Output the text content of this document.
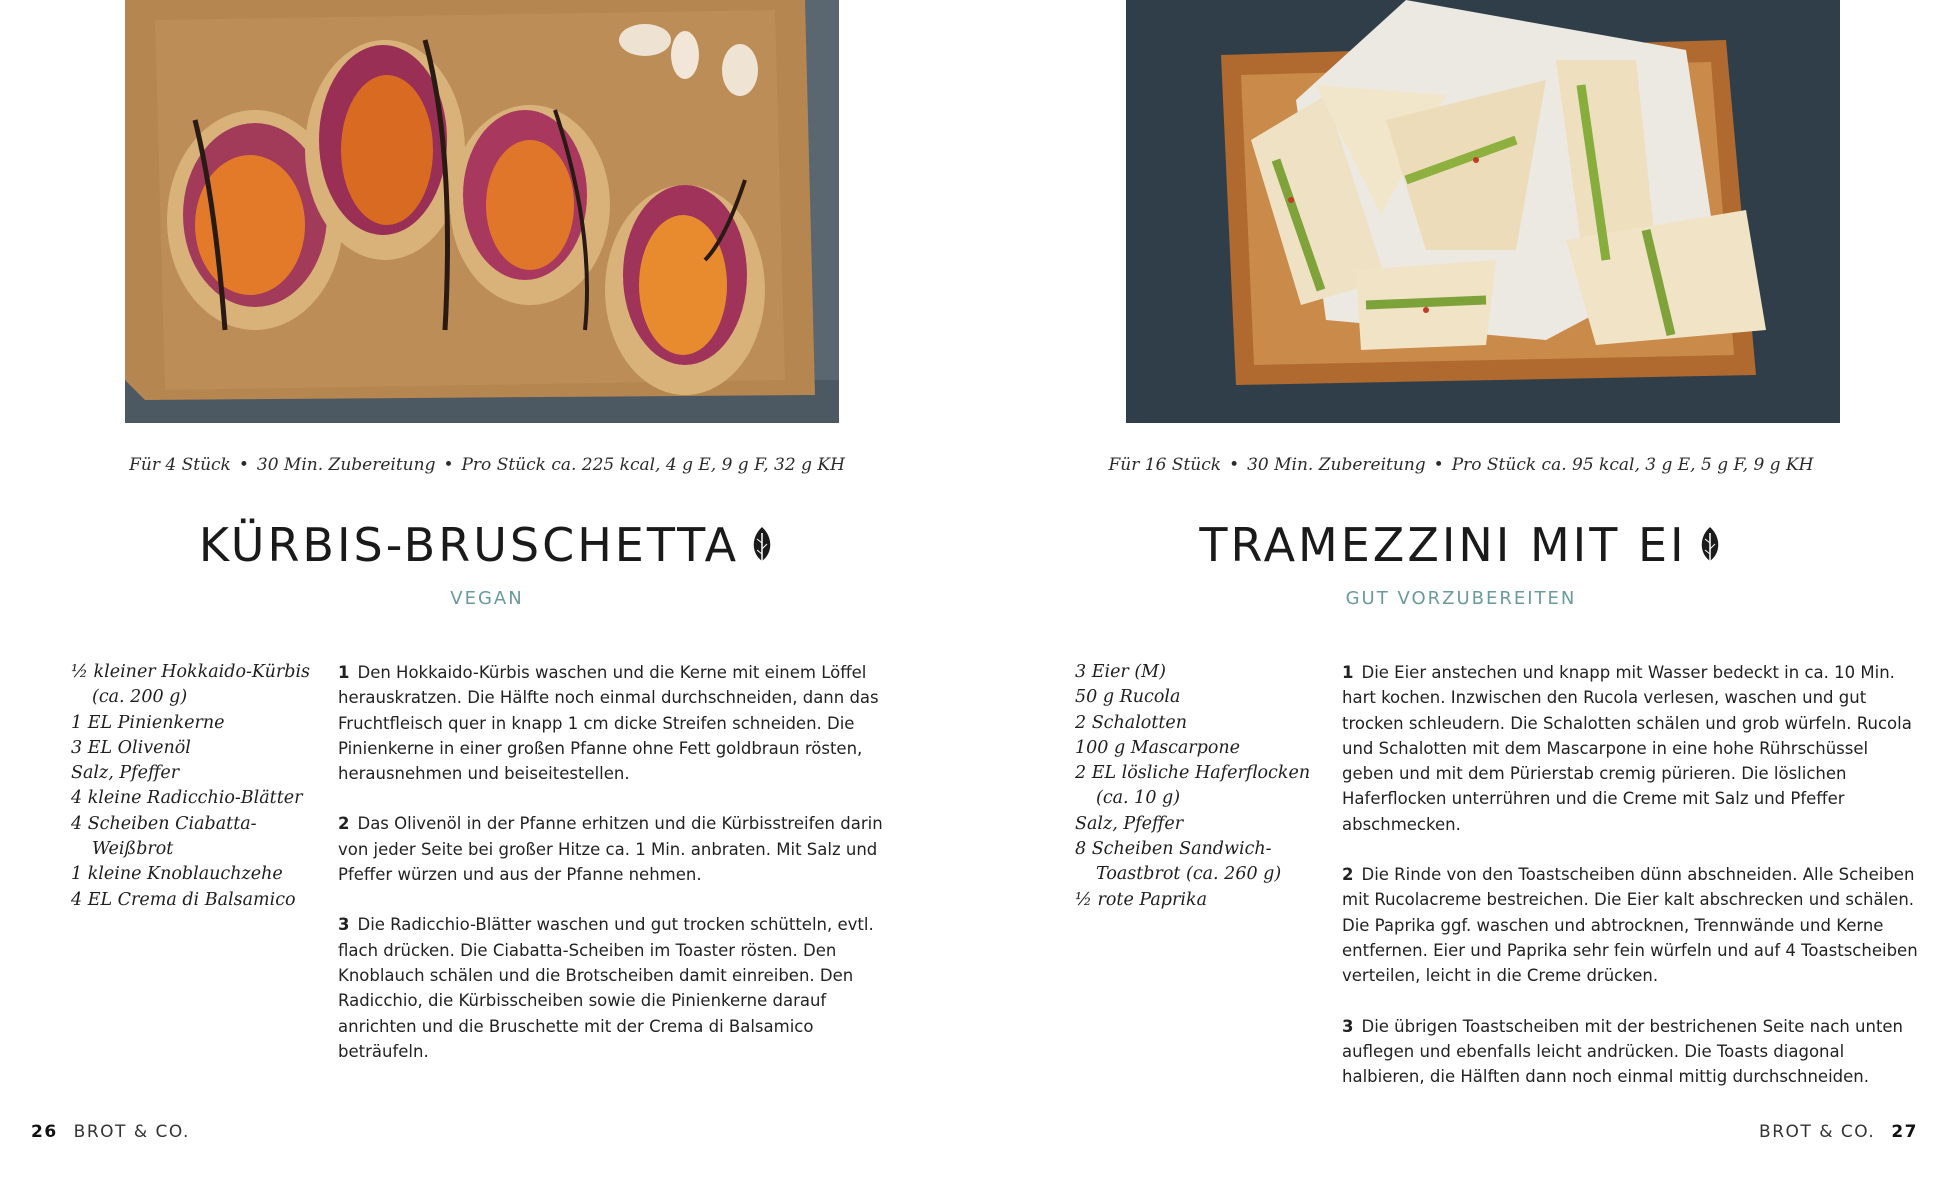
Für 4 Stück • 30 Min. Zubereitung • Pro Stück ca. 225 kcal, 4 g E, 9 g F, 32 g KH
KÜRBIS-BRUSCHETTA
VEGAN
½ kleiner Hokkaido-Kürbis (ca. 200 g)
1 EL Pinienkerne
3 EL Olivenöl
Salz, Pfeffer
4 kleine Radicchio-Blätter
4 Scheiben Ciabatta-Weißbrot
1 kleine Knoblauchzehe
4 EL Crema di Balsamico

1 Den Hokkaido-Kürbis waschen und die Kerne mit einem Löffel herauskratzen. Die Hälfte noch einmal durchschneiden, dann das Fruchtfleisch quer in knapp 1 cm dicke Streifen schneiden. Die Pinienkerne in einer großen Pfanne ohne Fett goldbraun rösten, herausnehmen und beiseitestellen.

2 Das Olivenöl in der Pfanne erhitzen und die Kürbisstreifen darin von jeder Seite bei großer Hitze ca. 1 Min. anbraten. Mit Salz und Pfeffer würzen und aus der Pfanne nehmen.

3 Die Radicchio-Blätter waschen und gut trocken schütteln, evtl. flach drücken. Die Ciabatta-Scheiben im Toaster rösten. Den Knoblauch schälen und die Brotscheiben damit einreiben. Den Radicchio, die Kürbisscheiben sowie die Pinienkerne darauf anrichten und die Bruschette mit der Crema di Balsamico beträufeln.

26 BROT & CO.
Für 16 Stück • 30 Min. Zubereitung • Pro Stück ca. 95 kcal, 3 g E, 5 g F, 9 g KH
TRAMEZZINI MIT EI
GUT VORZUBEREITEN
3 Eier (M)
50 g Rucola
2 Schalotten
100 g Mascarpone
2 EL lösliche Haferflocken (ca. 10 g)
Salz, Pfeffer
8 Scheiben Sandwich-Toastbrot (ca. 260 g)
½ rote Paprika

1 Die Eier anstechen und knapp mit Wasser bedeckt in ca. 10 Min. hart kochen. Inzwischen den Rucola verlesen, waschen und gut trocken schleudern. Die Schalotten schälen und grob würfeln. Rucola und Schalotten mit dem Mascarpone in eine hohe Rührschüssel geben und mit dem Pürierstab cremig pürieren. Die löslichen Haferflocken unterrühren und die Creme mit Salz und Pfeffer abschmecken.

2 Die Rinde von den Toastscheiben dünn abschneiden. Alle Scheiben mit Rucolacreme bestreichen. Die Eier kalt abschrecken und schälen. Die Paprika ggf. waschen und abtrocknen, Trennwände und Kerne entfernen. Eier und Paprika sehr fein würfeln und auf 4 Toastscheiben verteilen, leicht in die Creme drücken.

3 Die übrigen Toastscheiben mit der bestrichenen Seite nach unten auflegen und ebenfalls leicht andrücken. Die Toasts diagonal halbieren, die Hälften dann noch einmal mittig durchschneiden.

BROT & CO. 27
